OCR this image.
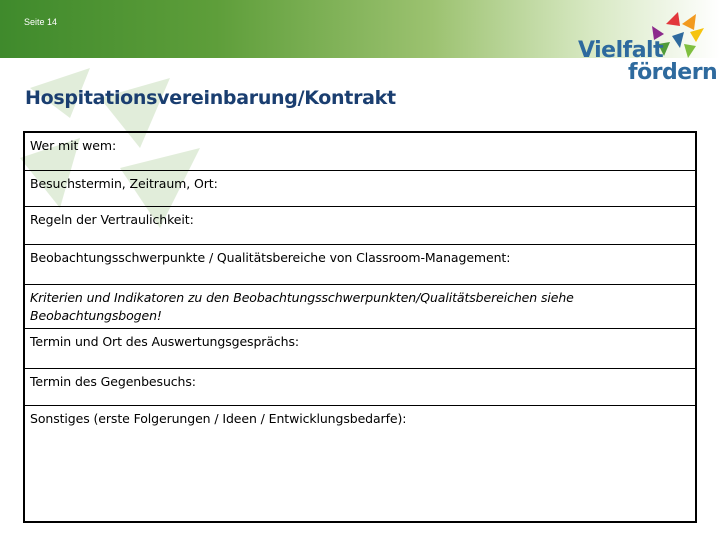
Seite 14
Vielfalt
fördern
Hospitationsvereinbarung/Kontrakt
Wer mit wem:
Besuchstermin, Zeitraum, Ort:
Regeln der Vertraulichkeit:
Beobachtungsschwerpunkte / Qualitätsbereiche von Classroom-Management:
Kriterien und Indikatoren zu den Beobachtungsschwerpunkten/Qualitätsbereichen siehe Beobachtungsbogen!
Termin und Ort des Auswertungsgesprächs:
Termin des Gegenbesuchs:
Sonstiges (erste Folgerungen / Ideen / Entwicklungsbedarfe):
